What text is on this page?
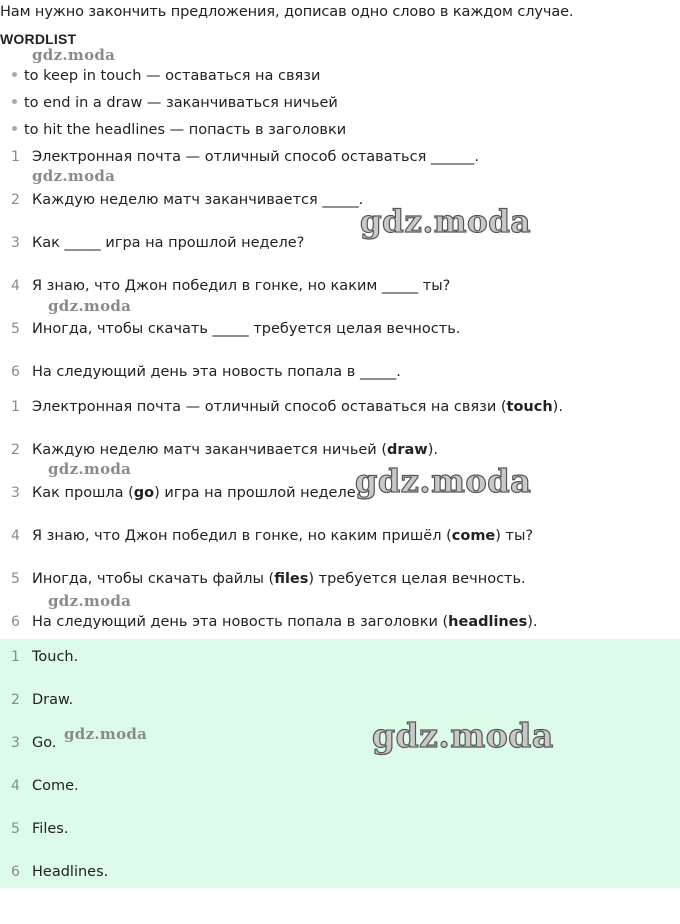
Нам нужно закончить предложения, дописав одно слово в каждом случае.
WORDLIST
to keep in touch — оставаться на связи
to end in a draw — заканчиваться ничьей
to hit the headlines — попасть в заголовки
1 Электронная почта — отличный способ оставаться ______.
2 Каждую неделю матч заканчивается _____.
3 Как _____ игра на прошлой неделе?
4 Я знаю, что Джон победил в гонке, но каким _____ ты?
5 Иногда, чтобы скачать _____ требуется целая вечность.
6 На следующий день эта новость попала в _____.
1 Электронная почта — отличный способ оставаться на связи (touch).
2 Каждую неделю матч заканчивается ничьей (draw).
3 Как прошла (go) игра на прошлой неделе?
4 Я знаю, что Джон победил в гонке, но каким пришёл (come) ты?
5 Иногда, чтобы скачать файлы (files) требуется целая вечность.
6 На следующий день эта новость попала в заголовки (headlines).
1 Touch.
2 Draw.
3 Go.
4 Come.
5 Files.
6 Headlines.
gdz.moda
gdz.moda
gdz.moda
gdz.moda
gdz.moda
gdz.moda
gdz.moda
gdz.moda
gdz.moda
